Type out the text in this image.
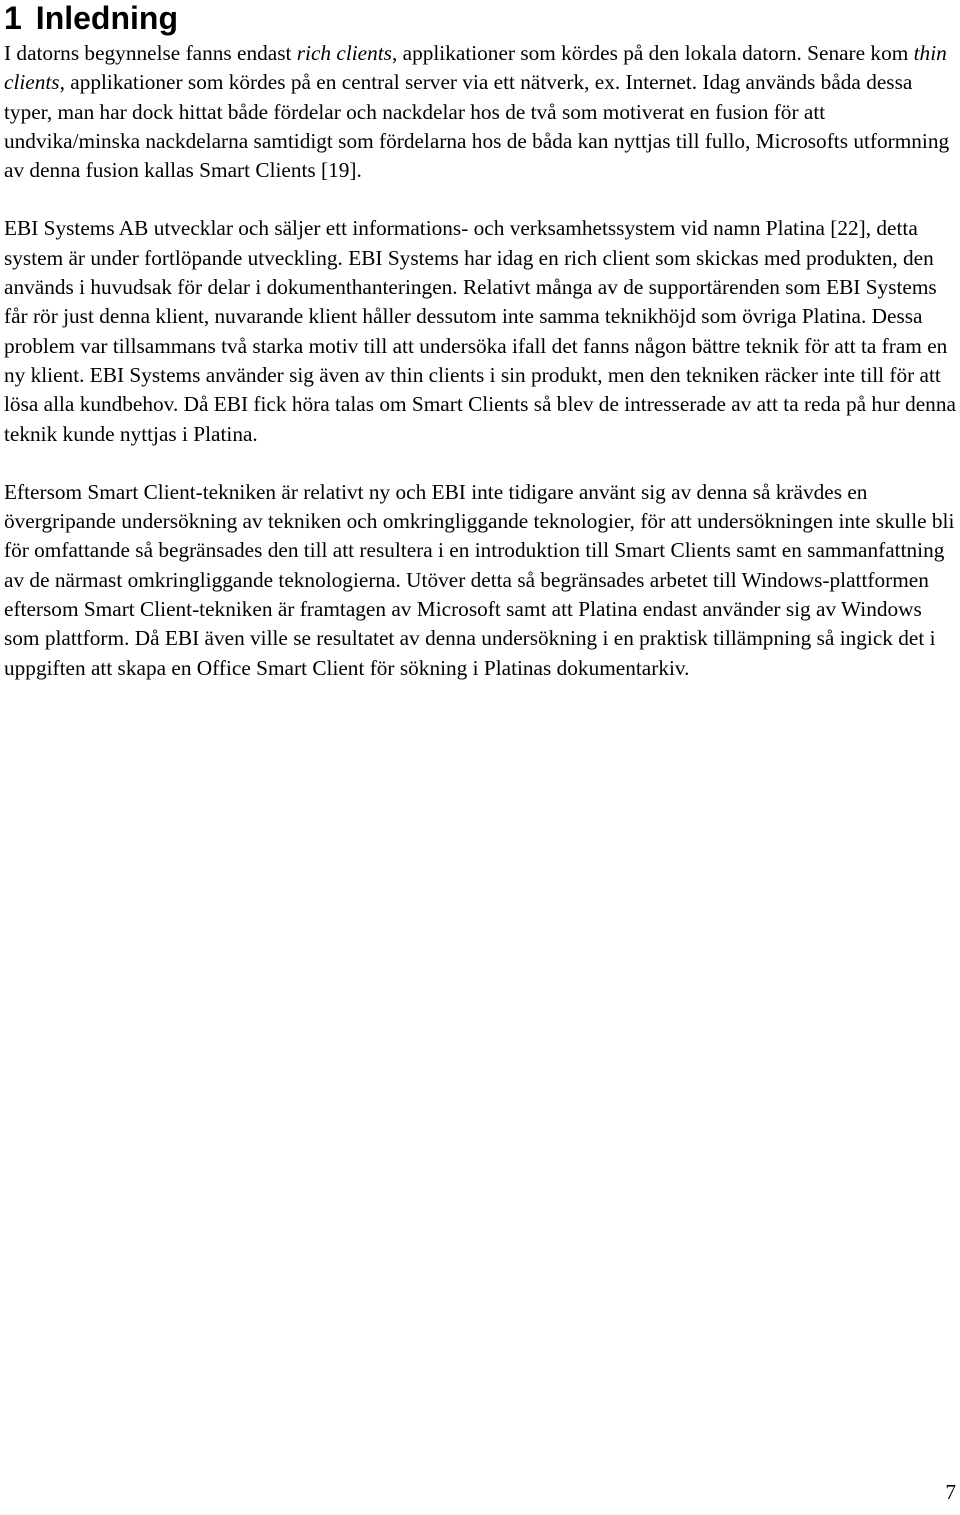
1 Inledning

I datorns begynnelse fanns endast rich clients, applikationer som kördes på den lokala datorn. Senare kom thin clients, applikationer som kördes på en central server via ett nätverk, ex. Internet. Idag används båda dessa typer, man har dock hittat både fördelar och nackdelar hos de två som motiverat en fusion för att undvika/minska nackdelarna samtidigt som fördelarna hos de båda kan nyttjas till fullo, Microsofts utformning av denna fusion kallas Smart Clients [19].

EBI Systems AB utvecklar och säljer ett informations- och verksamhetssystem vid namn Platina [22], detta system är under fortlöpande utveckling. EBI Systems har idag en rich client som skickas med produkten, den används i huvudsak för delar i dokumenthanteringen. Relativt många av de supportärenden som EBI Systems får rör just denna klient, nuvarande klient håller dessutom inte samma teknikhöjd som övriga Platina. Dessa problem var tillsammans två starka motiv till att undersöka ifall det fanns någon bättre teknik för att ta fram en ny klient. EBI Systems använder sig även av thin clients i sin produkt, men den tekniken räcker inte till för att lösa alla kundbehov. Då EBI fick höra talas om Smart Clients så blev de intresserade av att ta reda på hur denna teknik kunde nyttjas i Platina.

Eftersom Smart Client-tekniken är relativt ny och EBI inte tidigare använt sig av denna så krävdes en övergripande undersökning av tekniken och omkringliggande teknologier, för att undersökningen inte skulle bli för omfattande så begränsades den till att resultera i en introduktion till Smart Clients samt en sammanfattning av de närmast omkringliggande teknologierna. Utöver detta så begränsades arbetet till Windows-plattformen eftersom Smart Client-tekniken är framtagen av Microsoft samt att Platina endast använder sig av Windows som plattform. Då EBI även ville se resultatet av denna undersökning i en praktisk tillämpning så ingick det i uppgiften att skapa en Office Smart Client för sökning i Platinas dokumentarkiv.

7
